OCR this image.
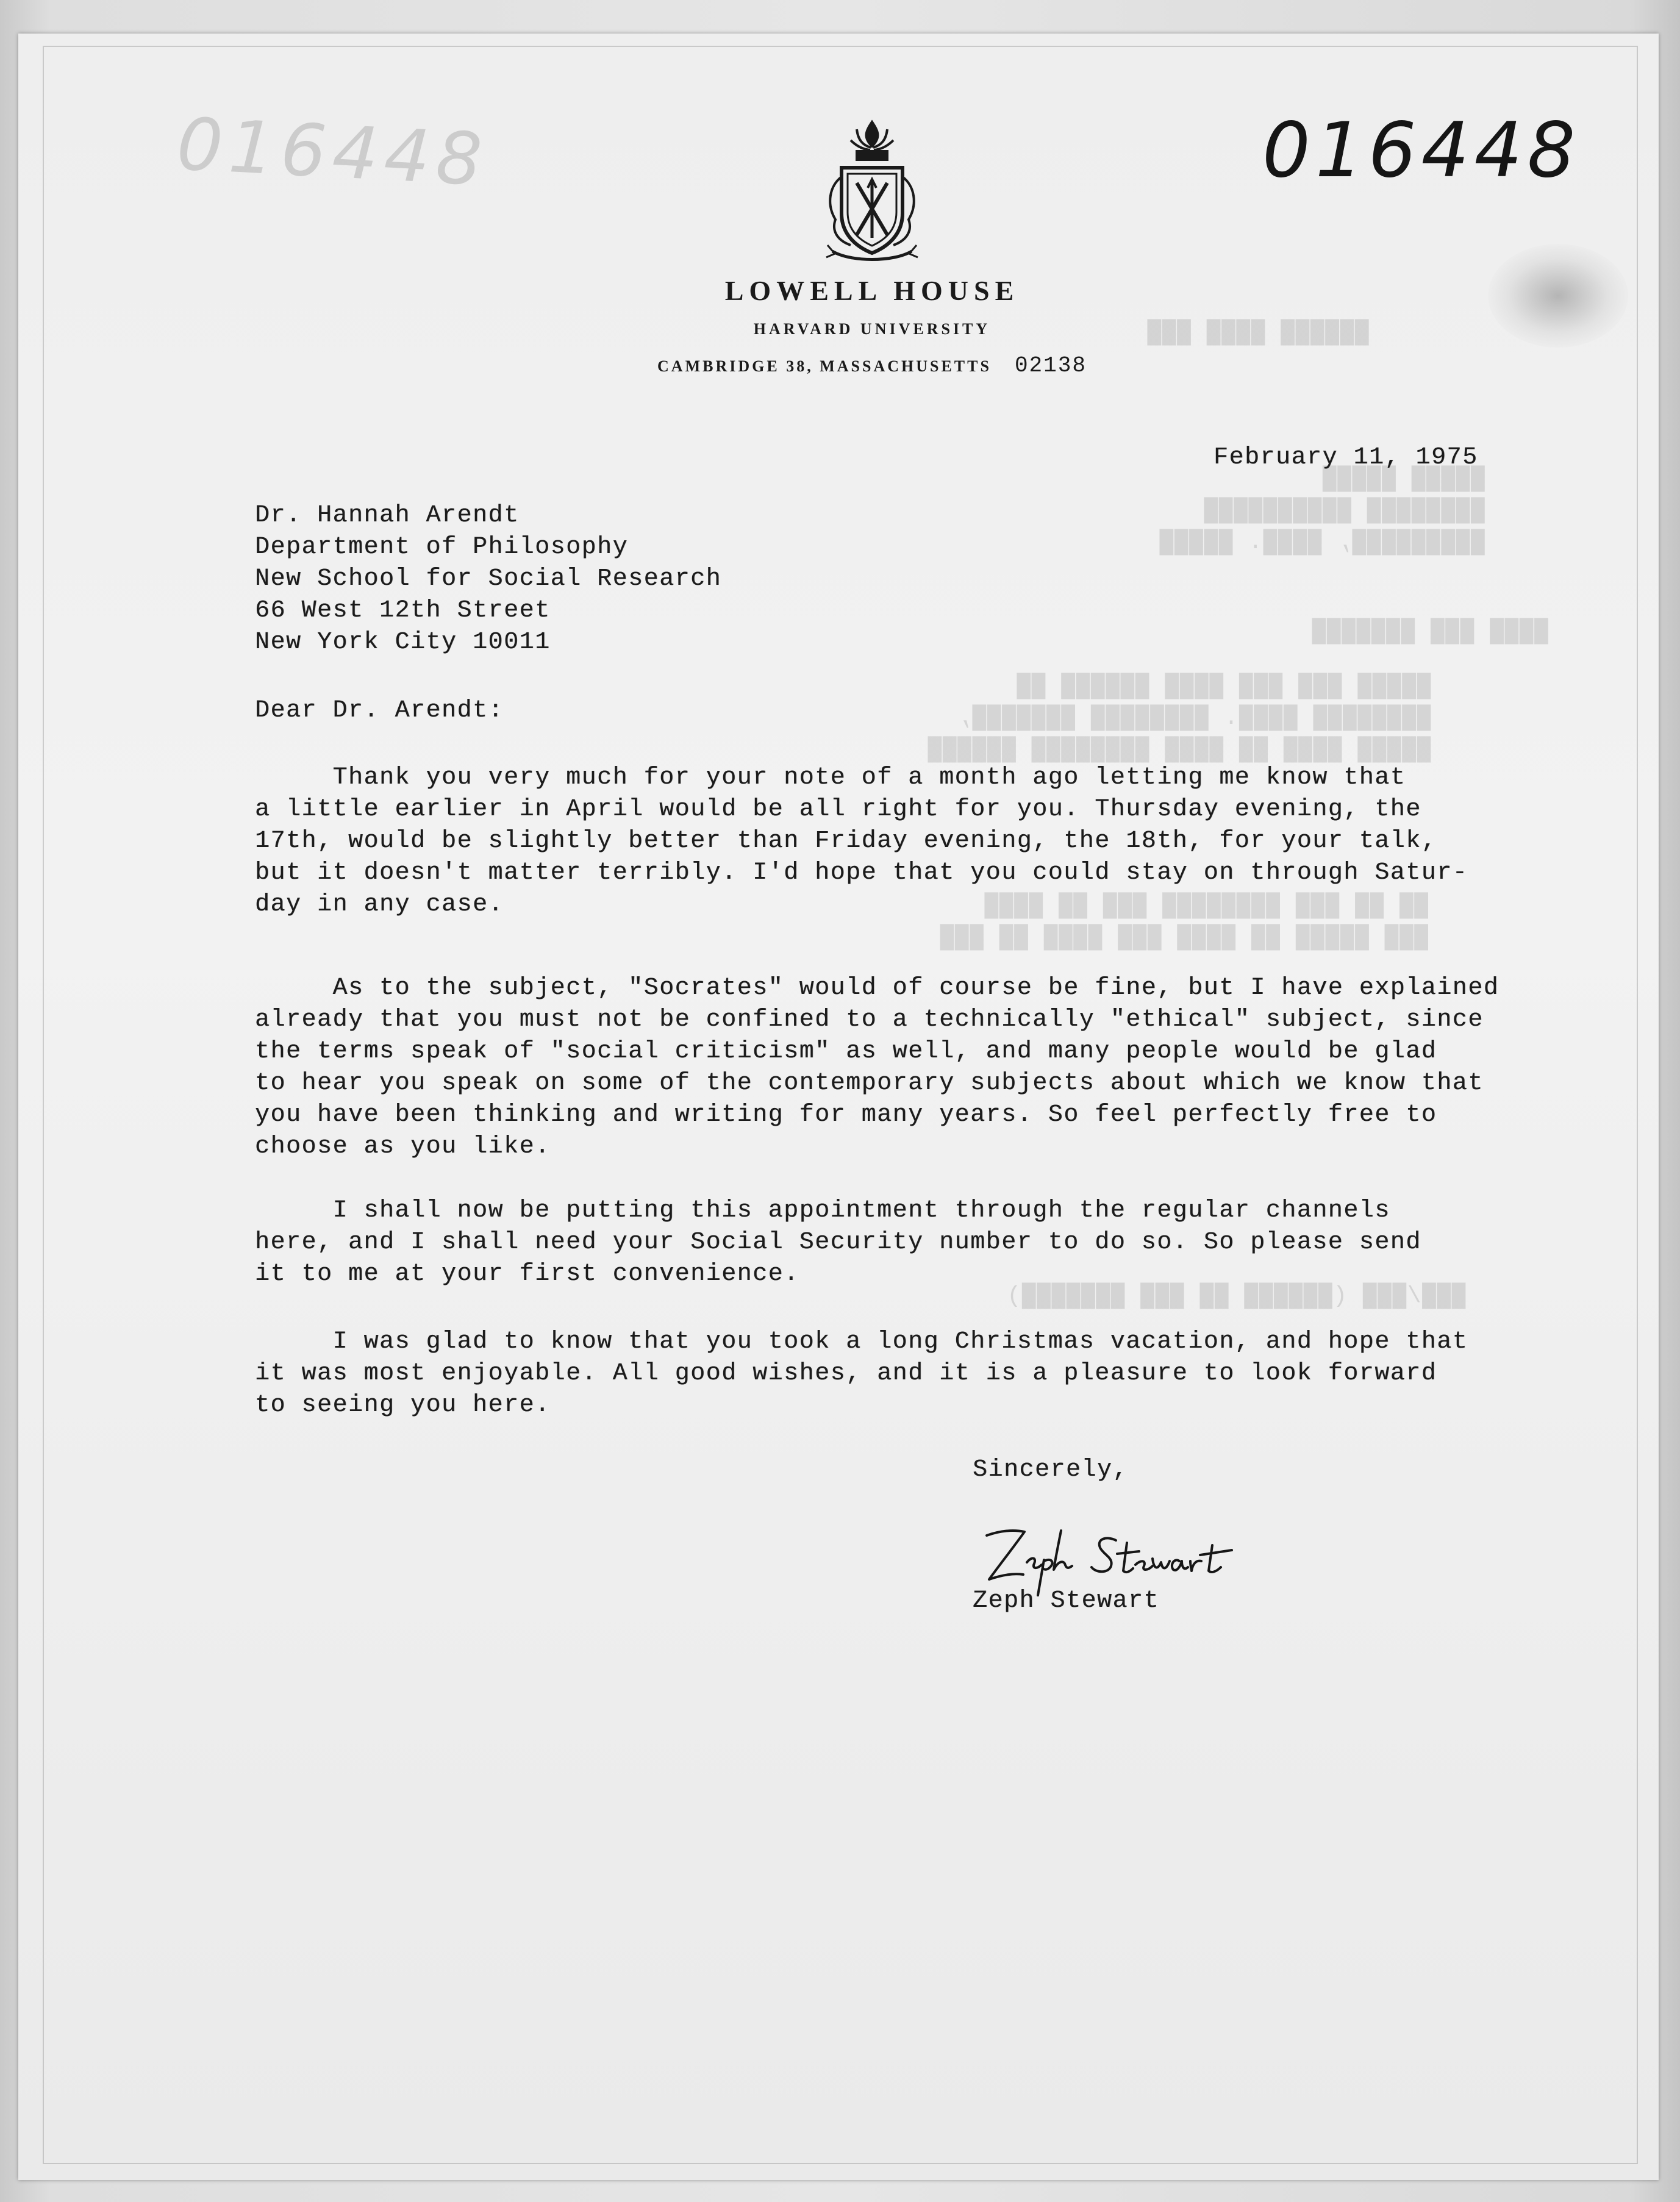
██████ ████ ███
█████ █████
████████ ██████████
█████████, ████. █████
████ ███ ███████
█████ ███ ███ ████ ██████ ██
████████ ████. ████████ ███████,
█████ ████ ██ ████ ████████ ██████
██ ██ ███ ████████ ███ ██ ████
███ █████ ██ ████ ███ ████ ██ ███
███/███ (██████ ██ ███ ███████)
016448	016448
LOWELL HOUSE
HARVARD UNIVERSITY
CAMBRIDGE 38, MASSACHUSETTS 02138
February 11, 1975
Dr. Hannah Arendt
Department of Philosophy
New School for Social Research
66 West 12th Street
New York City 10011
Dear Dr. Arendt:
Thank you very much for your note of a month ago letting me know that
a little earlier in April would be all right for you. Thursday evening, the
17th, would be slightly better than Friday evening, the 18th, for your talk,
but it doesn't matter terribly. I'd hope that you could stay on through Satur-
day in any case.
As to the subject, "Socrates" would of course be fine, but I have explained
already that you must not be confined to a technically "ethical" subject, since
the terms speak of "social criticism" as well, and many people would be glad
to hear you speak on some of the contemporary subjects about which we know that
you have been thinking and writing for many years. So feel perfectly free to
choose as you like.
I shall now be putting this appointment through the regular channels
here, and I shall need your Social Security number to do so. So please send
it to me at your first convenience.
I was glad to know that you took a long Christmas vacation, and hope that
it was most enjoyable. All good wishes, and it is a pleasure to look forward
to seeing you here.
Sincerely,
Zeph Stewart
